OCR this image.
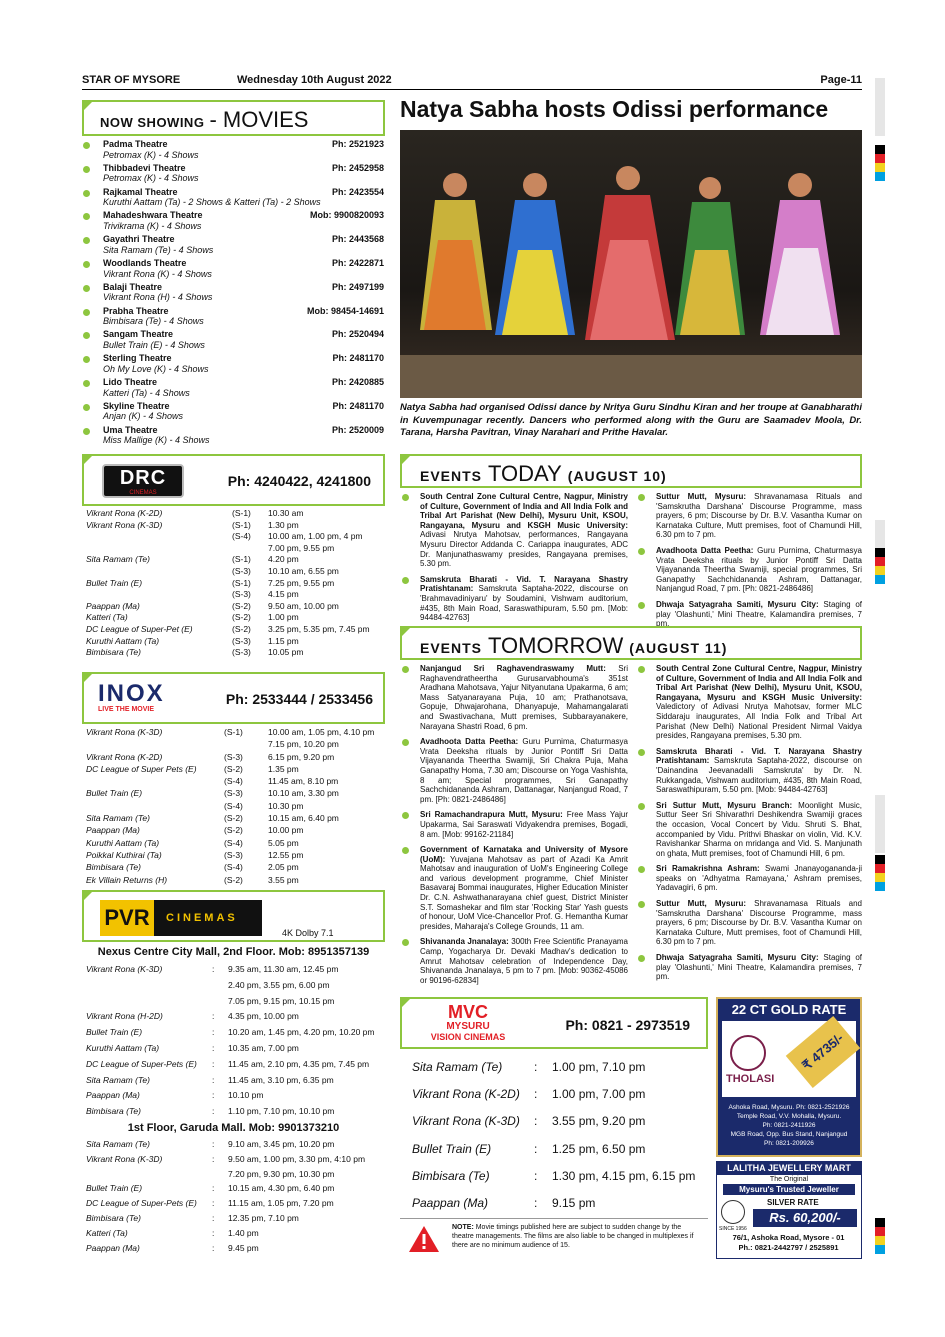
STAR OF MYSORE	Wednesday 10th August 2022	Page-11
NOW SHOWING - MOVIES
Padma Theatre	Ph: 2521923
Petromax (K) - 4 Shows
Thibbadevi Theatre	Ph: 2452958
Petromax (K) - 4 Shows
Rajkamal Theatre	Ph: 2423554
Kuruthi Aattam (Ta) - 2 Shows & Katteri (Ta) - 2 Shows
Mahadeshwara Theatre	Mob: 9900820093
Trivikrama (K) - 4 Shows
Gayathri Theatre	Ph: 2443568
Sita Ramam (Te) - 4 Shows
Woodlands Theatre	Ph: 2422871
Vikrant Rona (K) - 4 Shows
Balaji Theatre	Ph: 2497199
Vikrant Rona (H) - 4 Shows
Prabha Theatre	Mob: 98454-14691
Bimbisara (Te) - 4 Shows
Sangam Theatre	Ph: 2520494
Bullet Train (E) - 4 Shows
Sterling Theatre	Ph: 2481170
Oh My Love (K) - 4 Shows
Lido Theatre	Ph: 2420885
Katteri (Ta) - 4 Shows
Skyline Theatre	Ph: 2481170
Anjan (K) - 4 Shows
Uma Theatre	Ph: 2520009
Miss Mallige (K) - 4 Shows
DRC
CINEMAS
Ph: 4240422, 4241800
Vikrant Rona (K-2D)	(S-1)	10.30 am
Vikrant Rona (K-3D)	(S-1)	1.30 pm
(S-4)	10.00 am, 1.00 pm, 4 pm
7.00 pm, 9.55 pm
Sita Ramam (Te)	(S-1)	4.20 pm
(S-3)	10.10 am, 6.55 pm
Bullet Train (E)	(S-1)	7.25 pm, 9.55 pm
(S-3)	4.15 pm
Paappan (Ma)	(S-2)	9.50 am, 10.00 pm
Katteri (Ta)	(S-2)	1.00 pm
DC League of Super-Pet (E)	(S-2)	3.25 pm, 5.35 pm, 7.45 pm
Kuruthi Aattam (Ta)	(S-3)	1.15 pm
Bimbisara (Te)	(S-3)	10.05 pm
INOX
LIVE THE MOVIE
Ph: 2533444 / 2533456
Vikrant Rona (K-3D)	(S-1)	10.00 am, 1.05 pm, 4.10 pm
7.15 pm, 10.20 pm
Vikrant Rona (K-2D)	(S-3)	6.15 pm, 9.20 pm
DC League of Super Pets (E)	(S-2)	1.35 pm
(S-4)	11.45 am, 8.10 pm
Bullet Train (E)	(S-3)	10.10 am, 3.30 pm
(S-4)	10.30 pm
Sita Ramam (Te)	(S-2)	10.15 am, 6.40 pm
Paappan (Ma)	(S-2)	10.00 pm
Kuruthi Aattam (Ta)	(S-4)	5.05 pm
Poikkal Kuthirai (Ta)	(S-3)	12.55 pm
Bimbisara (Te)	(S-4)	2.05 pm
Ek Villain Returns (H)	(S-2)	3.55 pm
PVR	CINEMAS
4K Dolby 7.1
Nexus Centre City Mall, 2nd Floor. Mob: 8951357139
Vikrant Rona (K-3D)	:	9.35 am, 11.30 am, 12.45 pm
2.40 pm, 3.55 pm, 6.00 pm
7.05 pm, 9.15 pm, 10.15 pm
Vikrant Rona (H-2D)	:	4.35 pm, 10.00 pm
Bullet Train (E)	:	10.20 am, 1.45 pm, 4.20 pm, 10.20 pm
Kuruthi Aattam (Ta)	:	10.35 am, 7.00 pm
DC League of Super-Pets (E)	:	11.45 am, 2.10 pm, 4.35 pm, 7.45 pm
Sita Ramam (Te)	:	11.45 am, 3.10 pm, 6.35 pm
Paappan (Ma)	:	10.10 pm
Bimbisara (Te)	:	1.10 pm, 7.10 pm, 10.10 pm
1st Floor, Garuda Mall. Mob: 9901373210
Sita Ramam (Te)	:	9.10 am, 3.45 pm, 10.20 pm
Vikrant Rona (K-3D)	:	9.50 am, 1.00 pm, 3.30 pm, 4:10 pm
7.20 pm, 9.30 pm, 10.30 pm
Bullet Train (E)	:	10.15 am, 4.30 pm, 6.40 pm
DC League of Super-Pets (E)	:	11.15 am, 1.05 pm, 7.20 pm
Bimbisara (Te)	:	12.35 pm, 7.10 pm
Katteri (Ta)	:	1.40 pm
Paappan (Ma)	:	9.45 pm
Natya Sabha hosts Odissi performance
Natya Sabha had organised Odissi dance by Nritya Guru Sindhu Kiran and her troupe at Ganabharathi in Kuvempunagar recently. Dancers who performed along with the Guru are Saamadev Moola, Dr. Tarana, Harsha Pavitran, Vinay Narahari and Prithe Havalar.
EVENTS TODAY (AUGUST 10)
South Central Zone Cultural Centre, Nagpur, Ministry of Culture, Government of India and All India Folk and Tribal Art Parishat (New Delhi), Mysuru Unit, KSOU, Rangayana, Mysuru and KSGH Music University: Adivasi Nrutya Mahotsav, performances, Rangayana Mysuru Director Addanda C. Cariappa inaugurates, ADC Dr. Manjunathaswamy presides, Rangayana premises, 5.30 pm.
Samskruta Bharati - Vid. T. Narayana Shastry Pratishtanam: Samskruta Saptaha-2022, discourse on 'Brahmavadiniyaru' by Soudamini, Vishwam auditorium, #435, 8th Main Road, Saraswathipuram, 5.50 pm. [Mob: 94484-42763]
Suttur Mutt, Mysuru: Shravanamasa Rituals and 'Samskrutha Darshana' Discourse Programme, mass prayers, 6 pm; Discourse by Dr. B.V. Vasantha Kumar on Karnataka Culture, Mutt premises, foot of Chamundi Hill, 6.30 pm to 7 pm.
Avadhoota Datta Peetha: Guru Purnima, Chaturmasya Vrata Deeksha rituals by Junior Pontiff Sri Datta Vijayananda Theertha Swamiji, special programmes, Sri Ganapathy Sachchidananda Ashram, Dattanagar, Nanjangud Road, 7 pm. [Ph: 0821-2486486]
Dhwaja Satyagraha Samiti, Mysuru City: Staging of play 'Olashunti,' Mini Theatre, Kalamandira premises, 7 pm.
EVENTS TOMORROW (AUGUST 11)
Nanjangud Sri Raghavendraswamy Mutt: Sri Raghavendratheertha Gurusarvabhouma's 351st Aradhana Mahotsava, Yajur Nityanutana Upakarma, 6 am; Mass Satyanarayana Puja, 10 am; Prathanotsava, Gopuje, Dhwajarohana, Dhanyapuje, Mahamangalarati and Swastivachana, Mutt premises, Subbarayanakere, Narayana Shastri Road, 6 pm.
Avadhoota Datta Peetha: Guru Purnima, Chaturmasya Vrata Deeksha rituals by Junior Pontiff Sri Datta Vijayananda Theertha Swamiji, Sri Chakra Puja, Maha Ganapathy Homa, 7.30 am; Discourse on Yoga Vashishta, 8 am; Special programmes, Sri Ganapathy Sachchidananda Ashram, Dattanagar, Nanjangud Road, 7 pm. [Ph: 0821-2486486]
Sri Ramachandrapura Mutt, Mysuru: Free Mass Yajur Upakarma, Sai Saraswati Vidyakendra premises, Bogadi, 8 am. [Mob: 99162-21184]
Government of Karnataka and University of Mysore (UoM): Yuvajana Mahotsav as part of Azadi Ka Amrit Mahotsav and inauguration of UoM's Engineering College and various development programme, Chief Minister Basavaraj Bommai inaugurates, Higher Education Minister Dr. C.N. Ashwathanarayana chief guest, District Minister S.T. Somashekar and film star 'Rocking Star' Yash guests of honour, UoM Vice-Chancellor Prof. G. Hemantha Kumar presides, Maharaja's College Grounds, 11 am.
Shivananda Jnanalaya: 300th Free Scientific Pranayama Camp, Yogacharya Dr. Devaki Madhav's dedication to Amrut Mahotsav celebration of Independence Day, Shivananda Jnanalaya, 5 pm to 7 pm. [Mob: 90362-45086 or 90196-62834]
South Central Zone Cultural Centre, Nagpur, Ministry of Culture, Government of India and All India Folk and Tribal Art Parishat (New Delhi), Mysuru Unit, KSOU, Rangayana, Mysuru and KSGH Music University: Valedictory of Adivasi Nrutya Mahotsav, former MLC Siddaraju inaugurates, All India Folk and Tribal Art Parishat (New Delhi) National President Nirmal Vaidya presides, Rangayana premises, 5.30 pm.
Samskruta Bharati - Vid. T. Narayana Shastry Pratishtanam: Samskruta Saptaha-2022, discourse on 'Dainandina Jeevanadalli Samskruta' by Dr. N. Rukkangada, Vishwam auditorium, #435, 8th Main Road, Saraswathipuram, 5.50 pm. [Mob: 94484-42763]
Sri Suttur Mutt, Mysuru Branch: Moonlight Music, Suttur Seer Sri Shivarathri Deshikendra Swamiji graces the occasion, Vocal Concert by Vidu. Shruti S. Bhat, accompanied by Vidu. Prithvi Bhaskar on violin, Vid. K.V. Ravishankar Sharma on mridanga and Vid. S. Manjunath on ghata, Mutt premises, foot of Chamundi Hill, 6 pm.
Sri Ramakrishna Ashram: Swami Jnanayogananda-ji speaks on 'Adhyatma Ramayana,' Ashram premises, Yadavagiri, 6 pm.
Suttur Mutt, Mysuru: Shravanamasa Rituals and 'Samskrutha Darshana' Discourse Programme, mass prayers, 6 pm; Discourse by Dr. B.V. Vasantha Kumar on Karnataka Culture, Mutt premises, foot of Chamundi Hill, 6.30 pm to 7 pm.
Dhwaja Satyagraha Samiti, Mysuru City: Staging of play 'Olashunti,' Mini Theatre, Kalamandira premises, 7 pm.
MVC
MYSURU
VISION CINEMAS
Ph: 0821 - 2973519
Sita Ramam (Te)	:	1.00 pm, 7.10 pm
Vikrant Rona (K-2D)	:	1.00 pm, 7.00 pm
Vikrant Rona (K-3D)	:	3.55 pm, 9.20 pm
Bullet Train (E)	:	1.25 pm, 6.50 pm
Bimbisara (Te)	:	1.30 pm, 4.15 pm, 6.15 pm
Paappan (Ma)	:	9.15 pm
NOTE: Movie timings published here are subject to sudden change by the theatre managements. The films are also liable to be changed in multiplexes if there are no minimum audience of 15.
22 CT GOLD RATE
THOLASI
₹ 4735/-
Ashoka Road, Mysuru. Ph: 0821-2521926
Temple Road, V.V. Mohalla, Mysuru.
Ph: 0821-2411926
MGB Road, Opp. Bus Stand, Nanjangud
Ph: 0821-209926
LALITHA JEWELLERY MART
The Original
Mysuru's Trusted Jeweller
SINCE 1956
SILVER RATE
Rs. 60,200/-
76/1, Ashoka Road, Mysore - 01
Ph.: 0821-2442797 / 2525891
